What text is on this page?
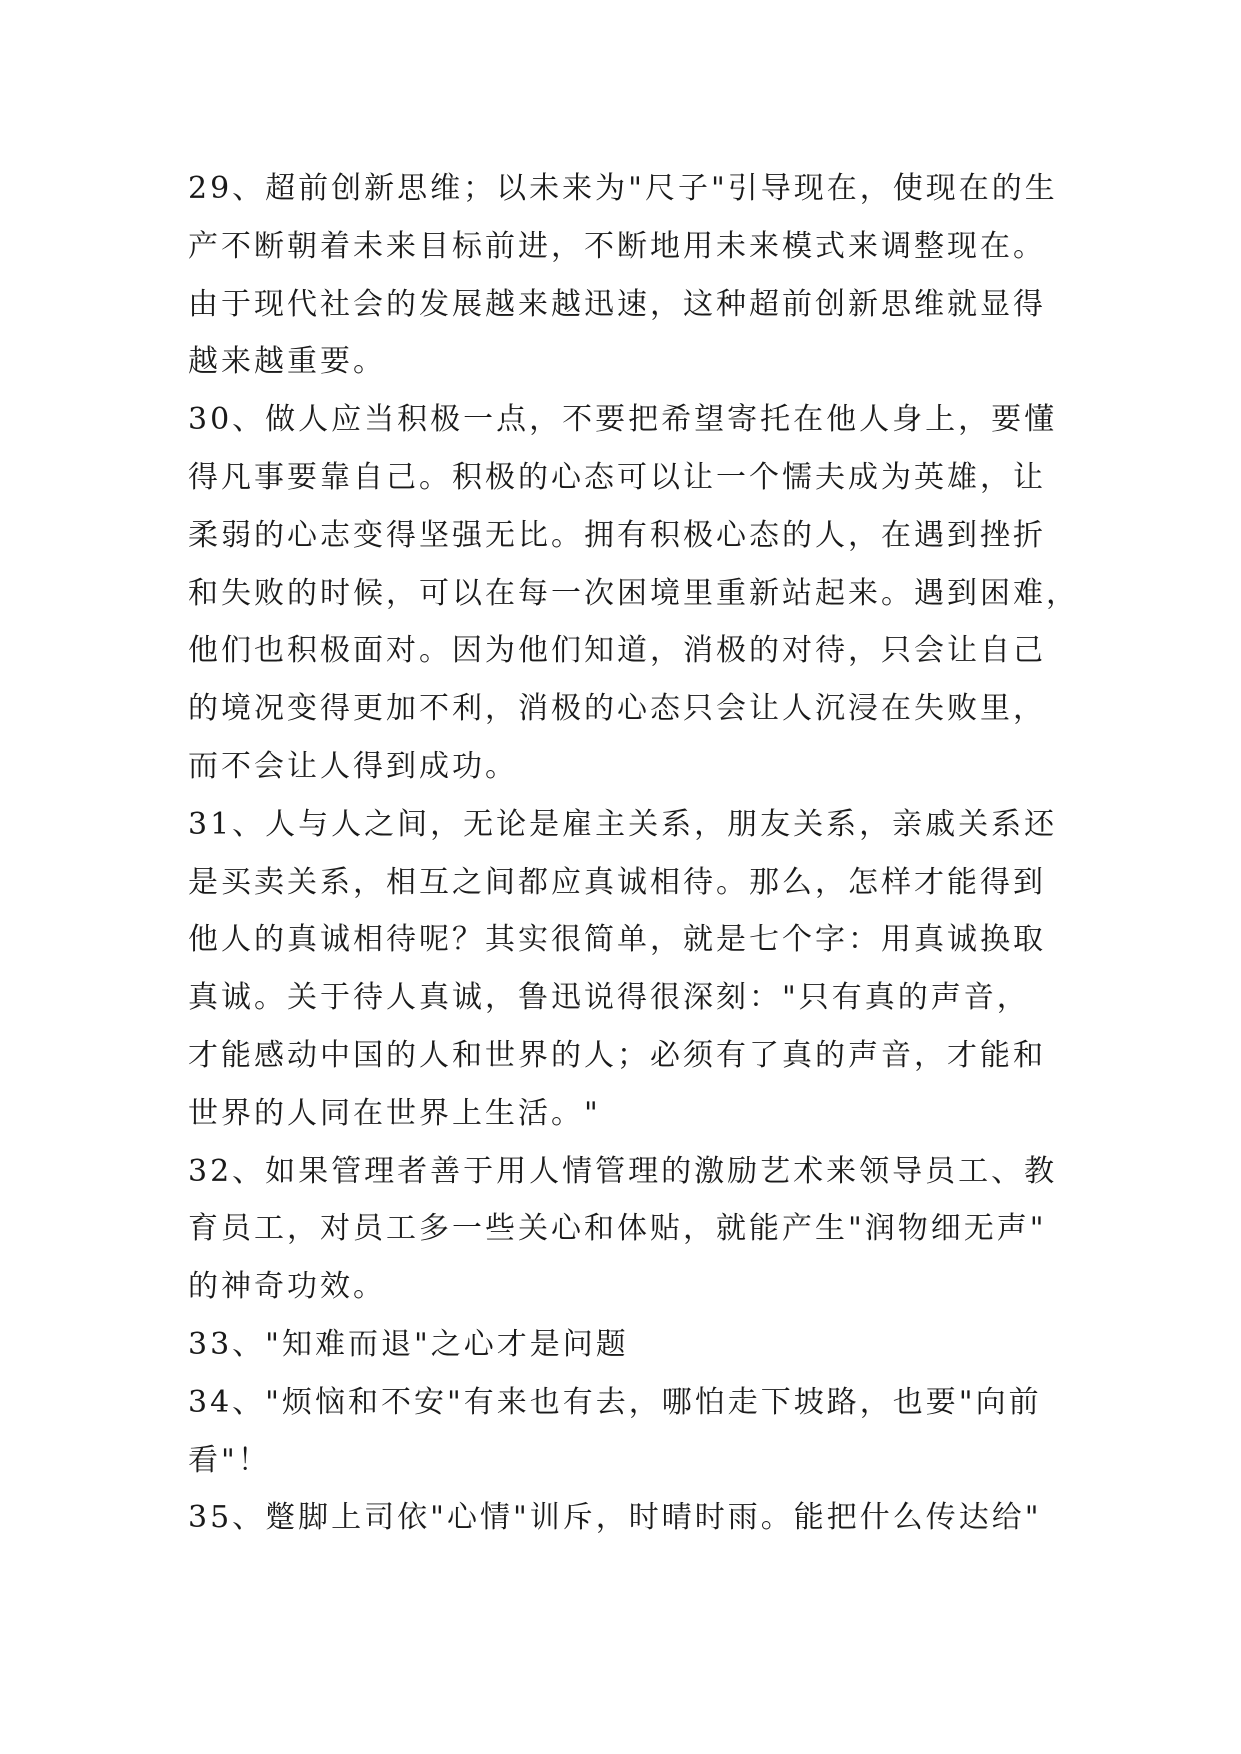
29、超前创新思维；以未来为"尺子"引导现在，使现在的生
产不断朝着未来目标前进，不断地用未来模式来调整现在。
由于现代社会的发展越来越迅速，这种超前创新思维就显得
越来越重要。
30、做人应当积极一点，不要把希望寄托在他人身上，要懂
得凡事要靠自己。积极的心态可以让一个懦夫成为英雄，让
柔弱的心志变得坚强无比。拥有积极心态的人，在遇到挫折
和失败的时候，可以在每一次困境里重新站起来。遇到困难，
他们也积极面对。因为他们知道，消极的对待，只会让自己
的境况变得更加不利，消极的心态只会让人沉浸在失败里，
而不会让人得到成功。
31、人与人之间，无论是雇主关系，朋友关系，亲戚关系还
是买卖关系，相互之间都应真诚相待。那么，怎样才能得到
他人的真诚相待呢？其实很简单，就是七个字：用真诚换取
真诚。关于待人真诚，鲁迅说得很深刻："只有真的声音，
才能感动中国的人和世界的人；必须有了真的声音，才能和
世界的人同在世界上生活。"
32、如果管理者善于用人情管理的激励艺术来领导员工、教
育员工，对员工多一些关心和体贴，就能产生"润物细无声"
的神奇功效。
33、"知难而退"之心才是问题
34、"烦恼和不安"有来也有去，哪怕走下坡路，也要"向前
看"！
35、蹩脚上司依"心情"训斥，时晴时雨。能把什么传达给"
